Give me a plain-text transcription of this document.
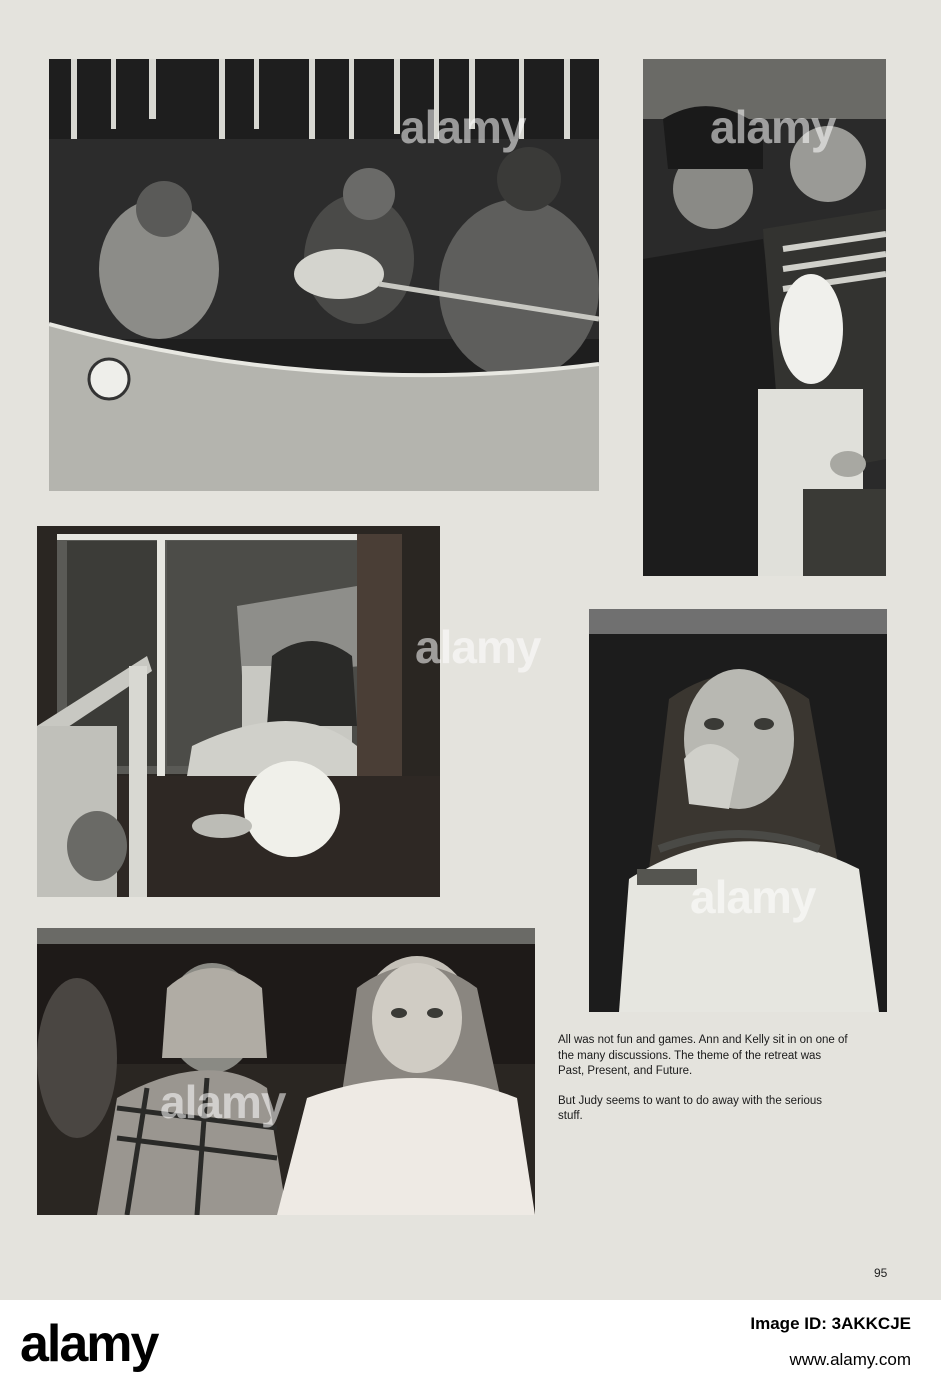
alamy	alamy
alamy
alamy
alamy

All was not fun and games. Ann and Kelly sit in on one of the many discussions. The theme of the retreat was Past, Present, and Future.

But Judy seems to want to do away with the serious stuff.

95
alamy	Image ID: 3AKKCJE
www.alamy.com
